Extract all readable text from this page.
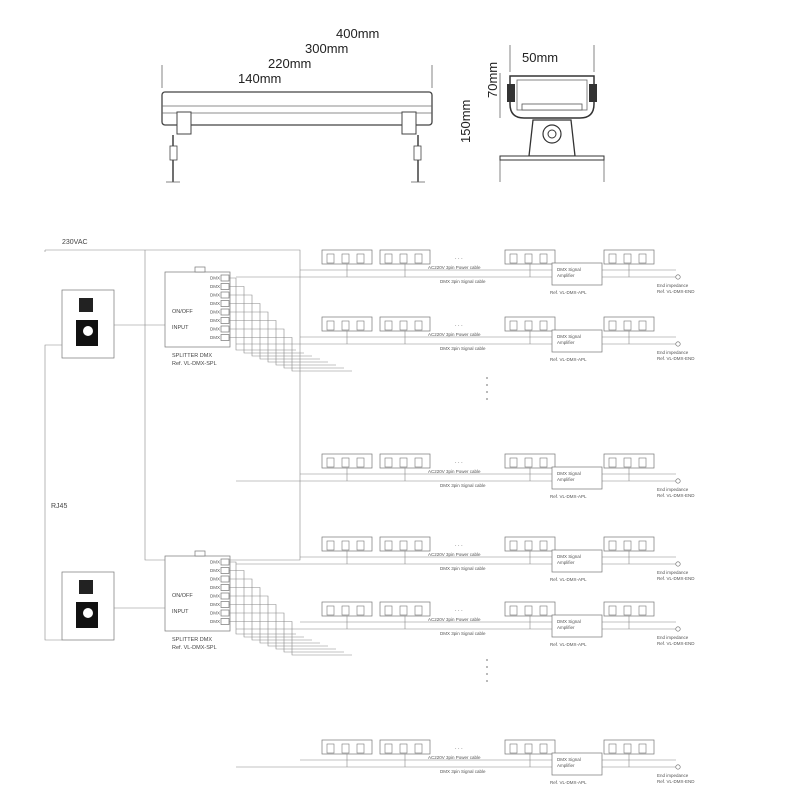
400mm
300mm
220mm
140mm
50mm
70mm
150mm
230VAC
RJ45
SPLITTER DMX
Ref. VL-DMX-SPL
SPLITTER DMX
Ref. VL-DMX-SPL
ON/OFF
INPUT
ON/OFF
INPUT
DMX
DMX
DMX
DMX
DMX
DMX
DMX
DMX
DMX
DMX
DMX
DMX
DMX
DMX
DMX
DMX
. . .
DMX Signal
Amplifier
Ref. VL-DMX-APL
AC220V 3pin Power cable
DMX 3pin Signal cable
End impedance
Ref. VL-DMX-END
. . .
DMX Signal
Amplifier
Ref. VL-DMX-APL
AC220V 3pin Power cable
DMX 3pin Signal cable
End impedance
Ref. VL-DMX-END
. . .
DMX Signal
Amplifier
Ref. VL-DMX-APL
AC220V 3pin Power cable
DMX 3pin Signal cable
End impedance
Ref. VL-DMX-END
. . .
DMX Signal
Amplifier
Ref. VL-DMX-APL
AC220V 3pin Power cable
DMX 3pin Signal cable
End impedance
Ref. VL-DMX-END
. . .
DMX Signal
Amplifier
Ref. VL-DMX-APL
AC220V 3pin Power cable
DMX 3pin Signal cable
End impedance
Ref. VL-DMX-END
. . .
DMX Signal
Amplifier
Ref. VL-DMX-APL
AC220V 3pin Power cable
DMX 3pin Signal cable
End impedance
Ref. VL-DMX-END
